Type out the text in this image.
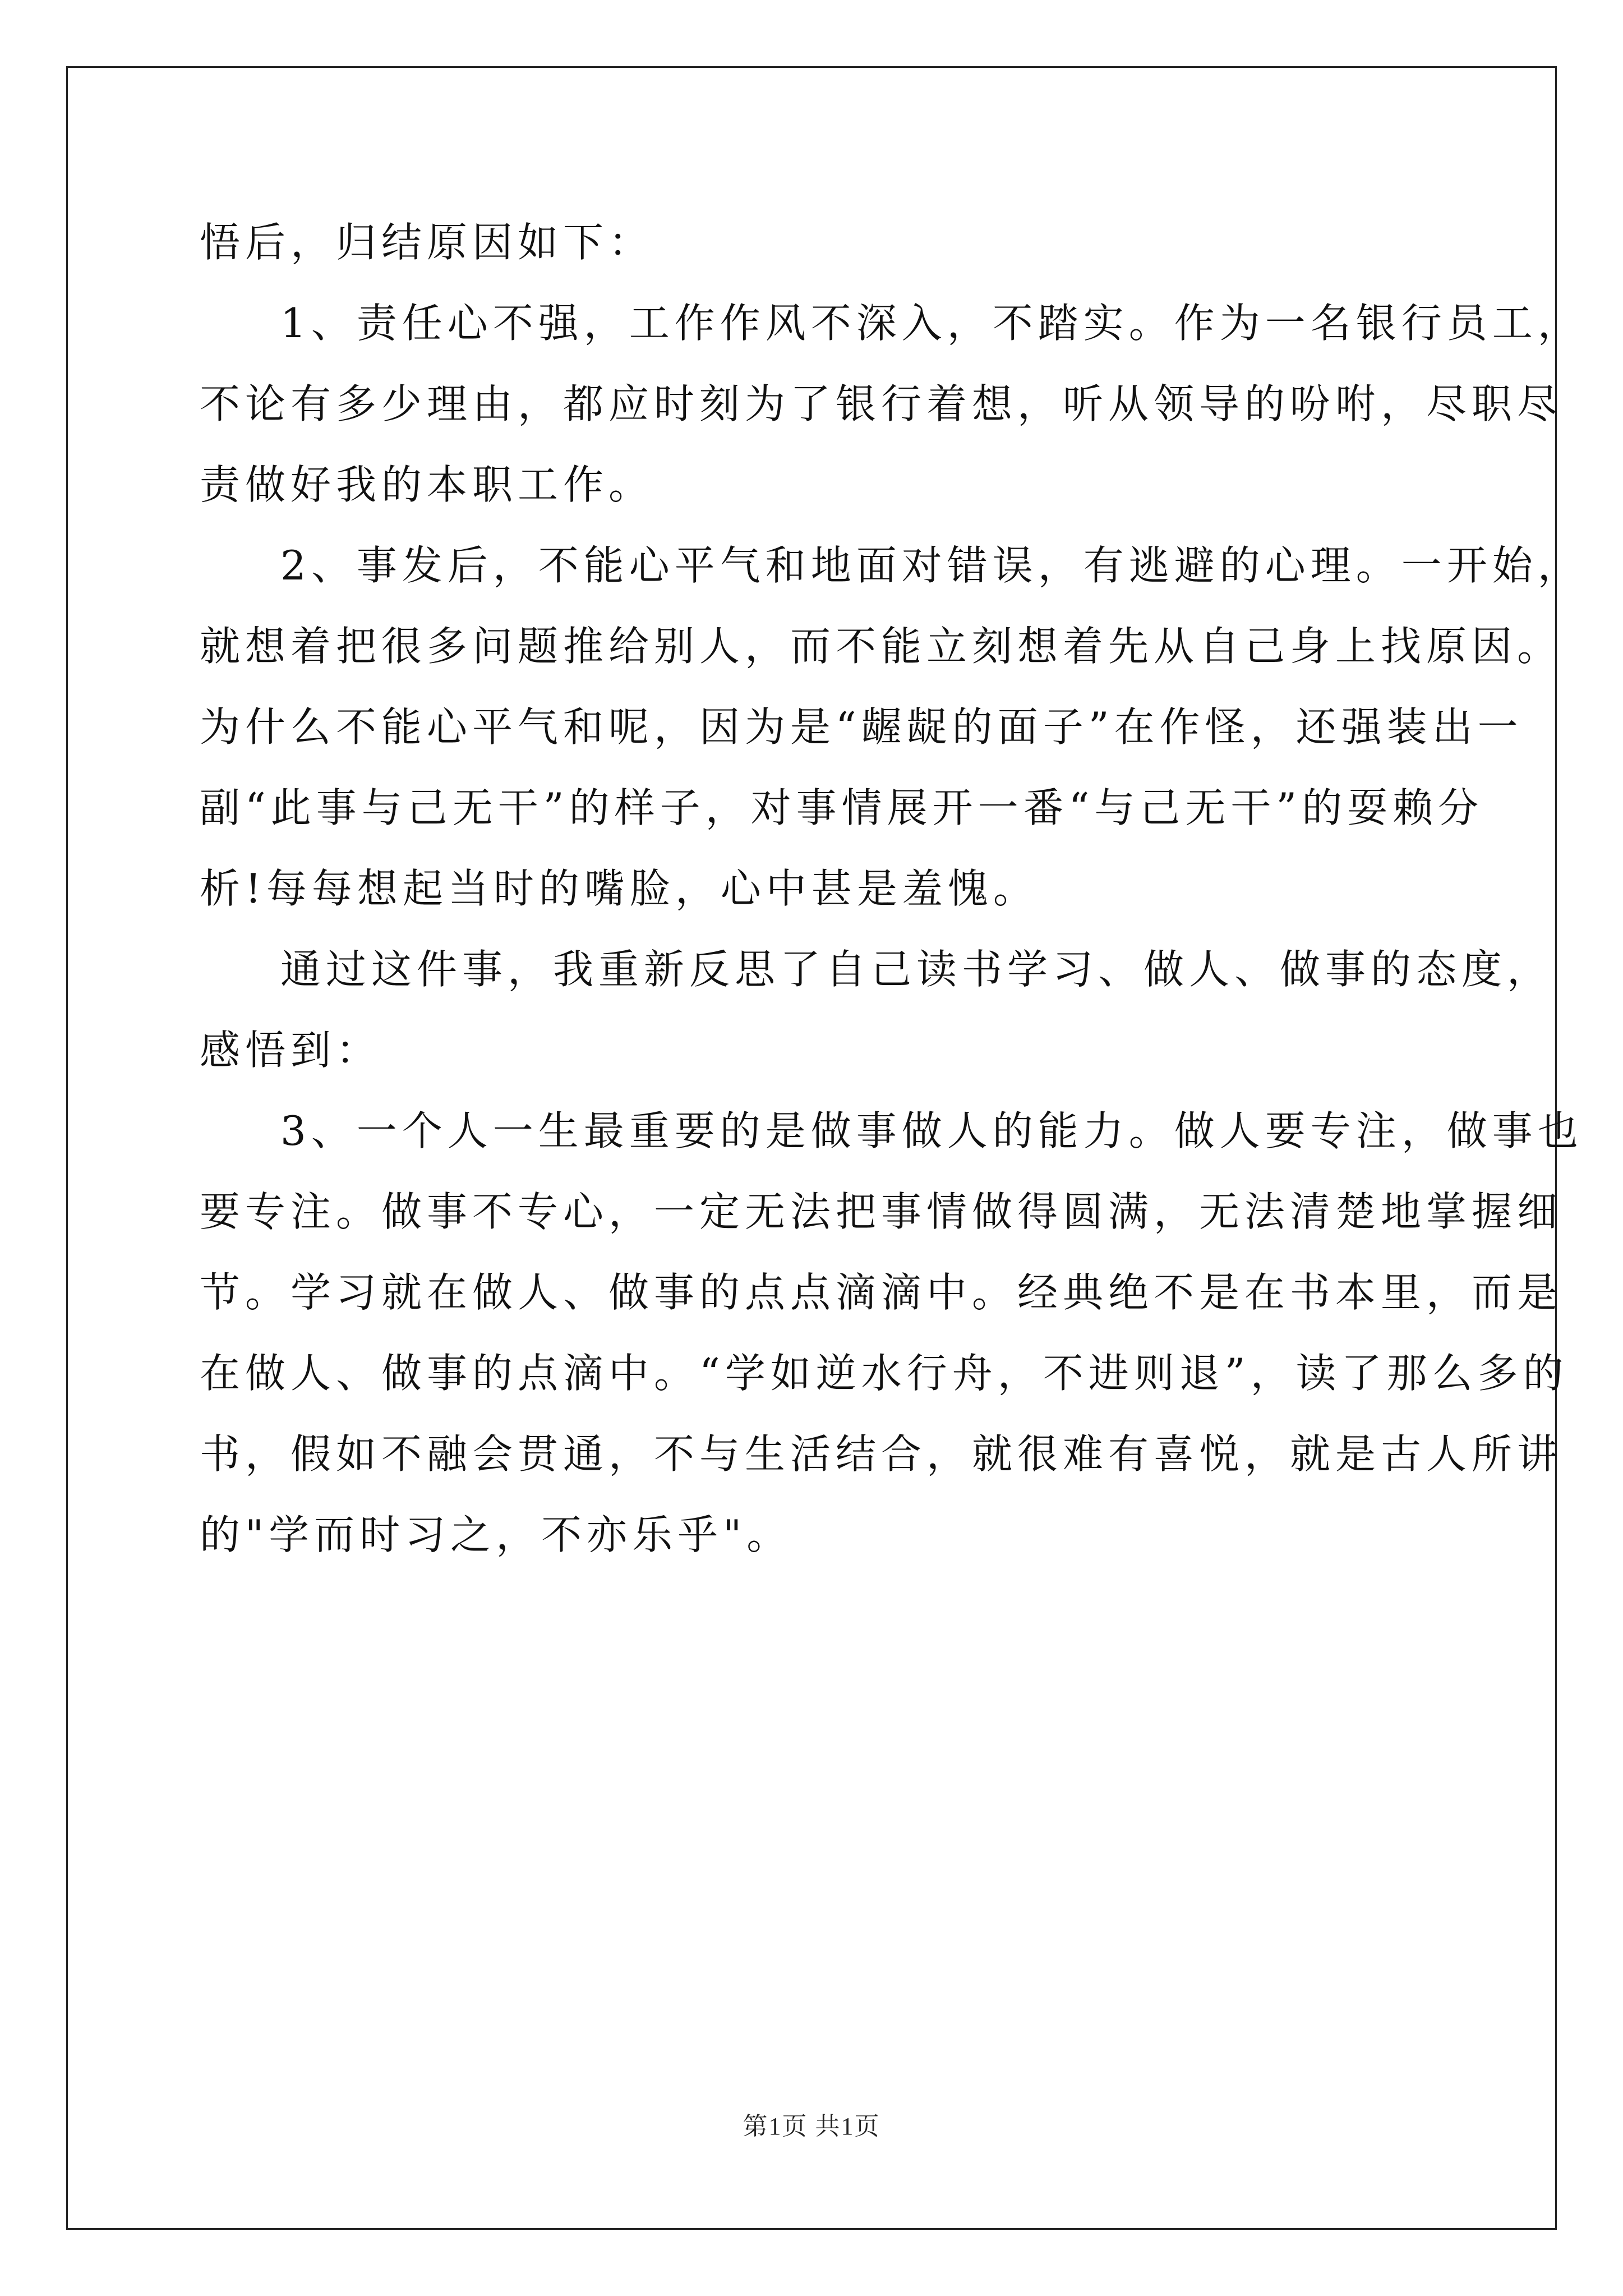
悟后，归结原因如下：
1、责任心不强，工作作风不深入，不踏实。作为一名银行员工，
不论有多少理由，都应时刻为了银行着想，听从领导的吩咐，尽职尽
责做好我的本职工作。
2、事发后，不能心平气和地面对错误，有逃避的心理。一开始，
就想着把很多问题推给别人，而不能立刻想着先从自己身上找原因。
为什么不能心平气和呢，因为是“龌龊的面子”在作怪，还强装出一
副“此事与己无干”的样子，对事情展开一番“与己无干”的耍赖分
析!每每想起当时的嘴脸，心中甚是羞愧。
通过这件事，我重新反思了自己读书学习、做人、做事的态度，
感悟到：
3、一个人一生最重要的是做事做人的能力。做人要专注，做事也
要专注。做事不专心，一定无法把事情做得圆满，无法清楚地掌握细
节。学习就在做人、做事的点点滴滴中。经典绝不是在书本里，而是
在做人、做事的点滴中。“学如逆水行舟，不进则退”，读了那么多的
书，假如不融会贯通，不与生活结合，就很难有喜悦，就是古人所讲
的"学而时习之，不亦乐乎"。
第1页 共1页
